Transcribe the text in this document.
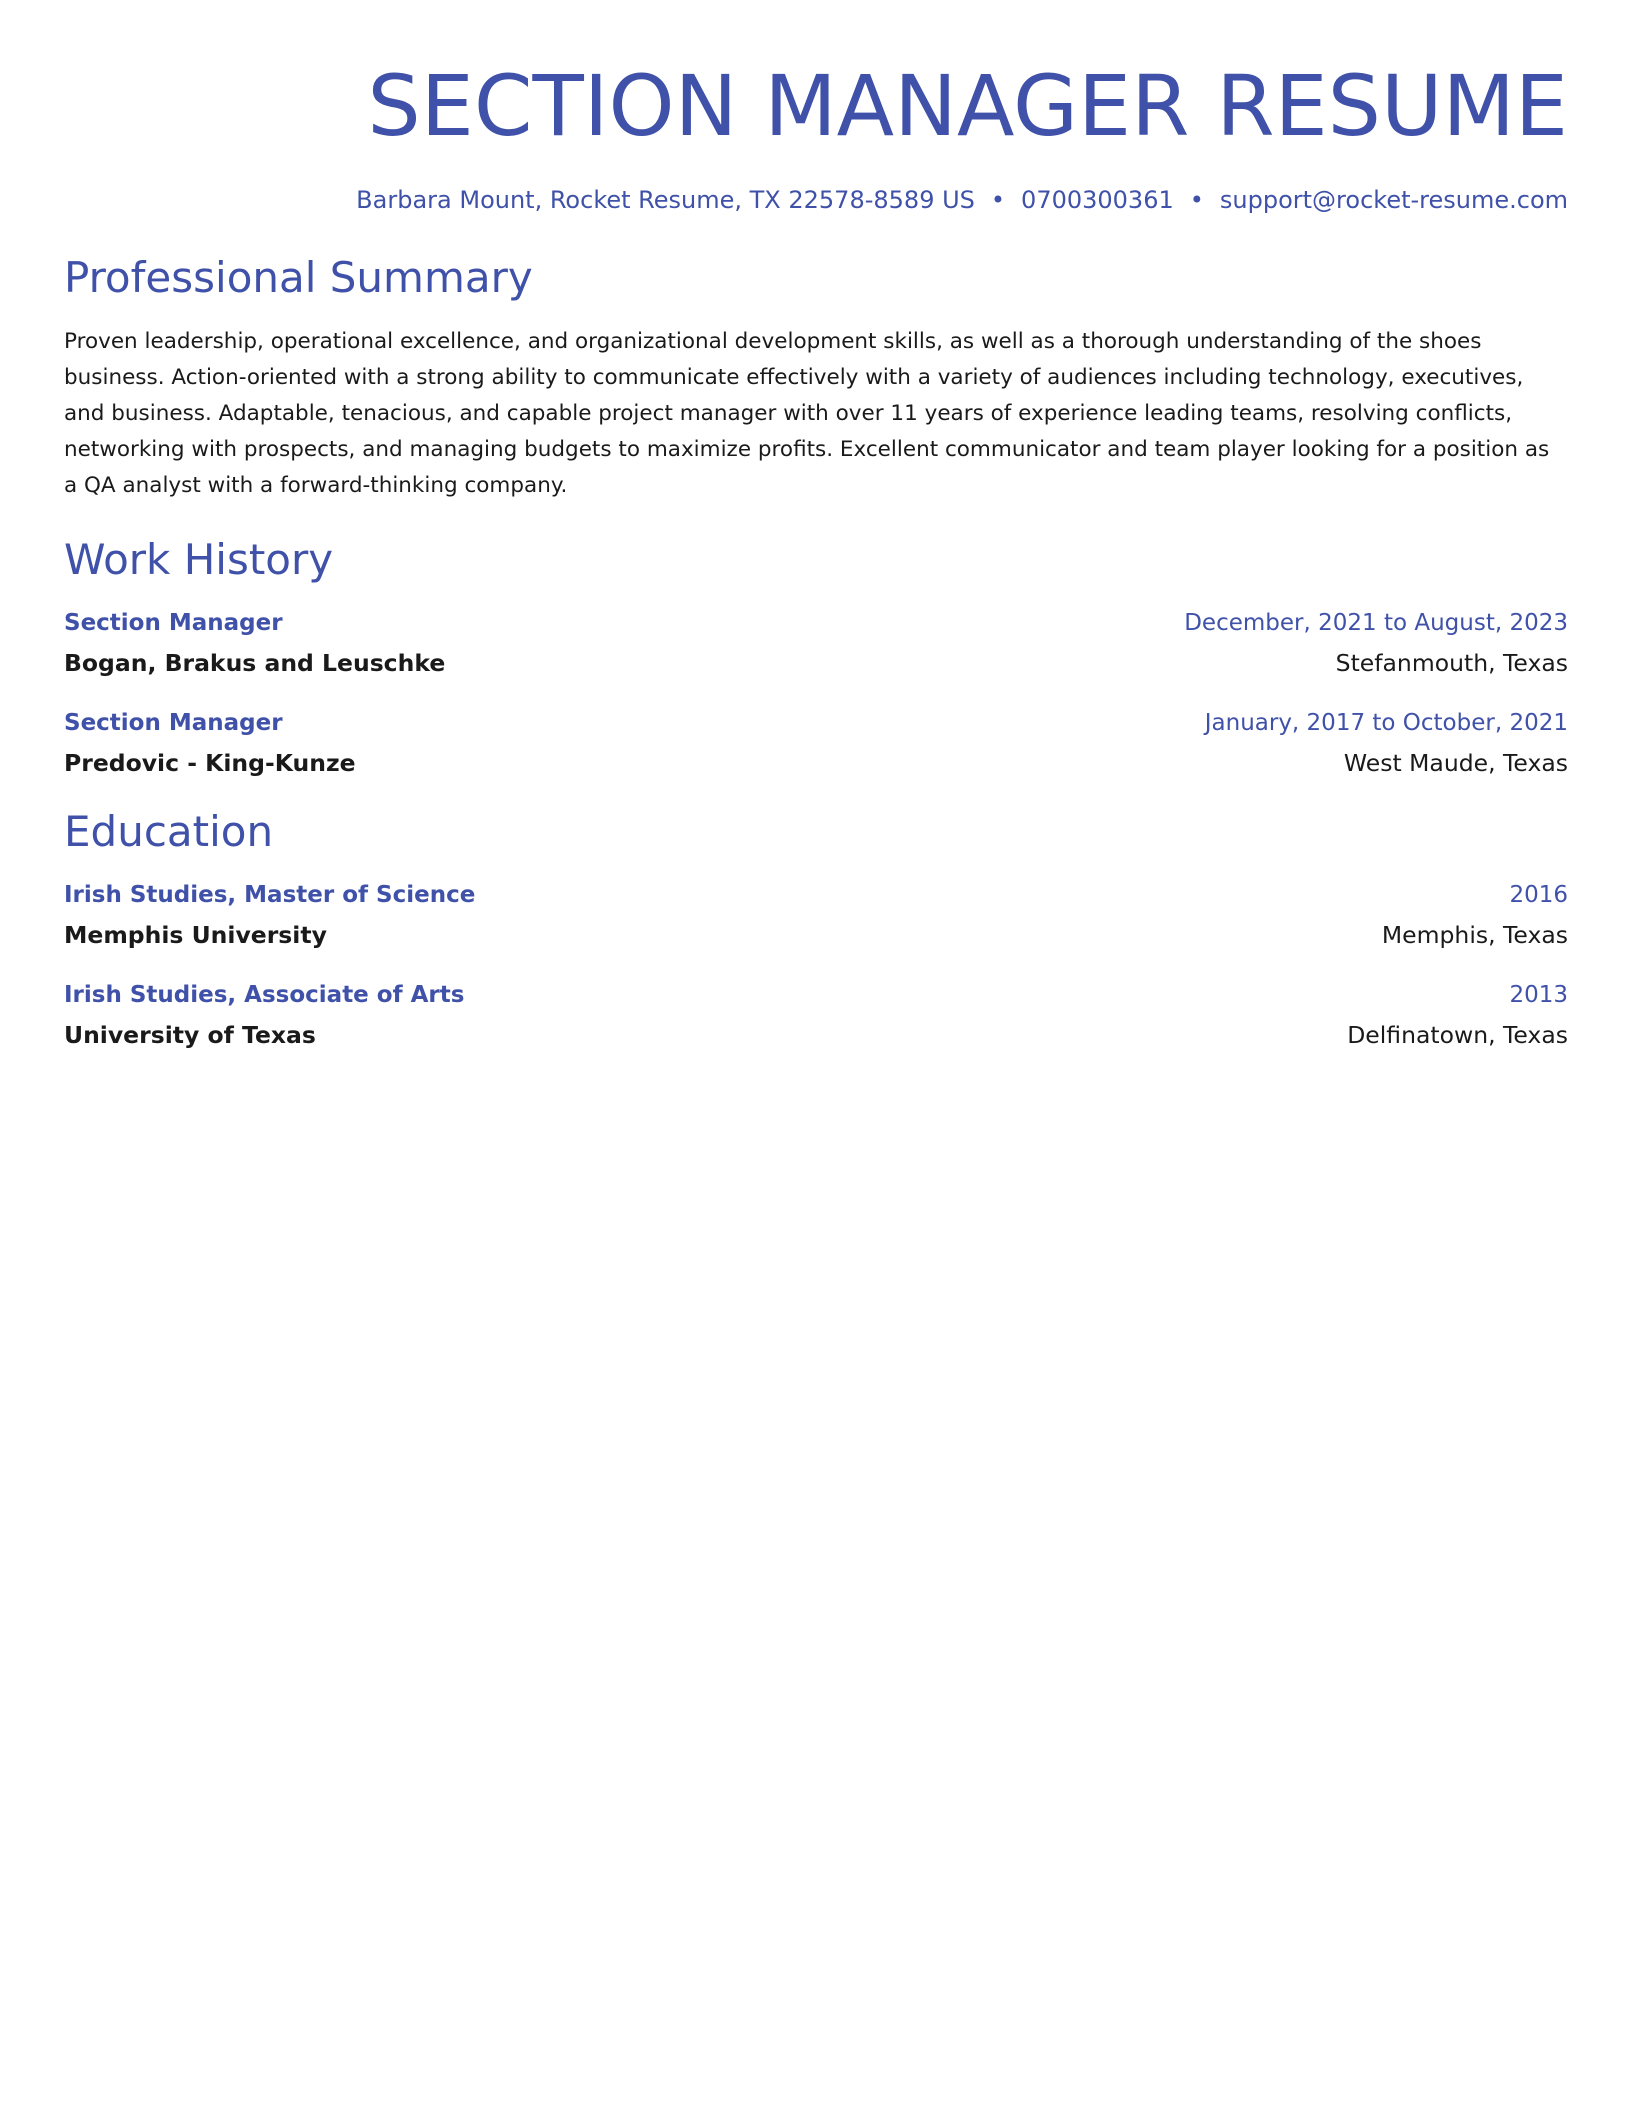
SECTION MANAGER RESUME
Barbara Mount, Rocket Resume, TX 22578-8589 US • 0700300361 • support@rocket-resume.com
Professional Summary

Proven leadership, operational excellence, and organizational development skills, as well as a thorough understanding of the shoes business. Action-oriented with a strong ability to communicate effectively with a variety of audiences including technology, executives, and business. Adaptable, tenacious, and capable project manager with over 11 years of experience leading teams, resolving conflicts, networking with prospects, and managing budgets to maximize profits. Excellent communicator and team player looking for a position as a QA analyst with a forward-thinking company.

Work History
Section Manager	December, 2021 to August, 2023
Bogan, Brakus and Leuschke	Stefanmouth, Texas
Section Manager	January, 2017 to October, 2021
Predovic - King-Kunze	West Maude, Texas
Education
Irish Studies, Master of Science	2016
Memphis University	Memphis, Texas
Irish Studies, Associate of Arts	2013
University of Texas	Delfinatown, Texas
